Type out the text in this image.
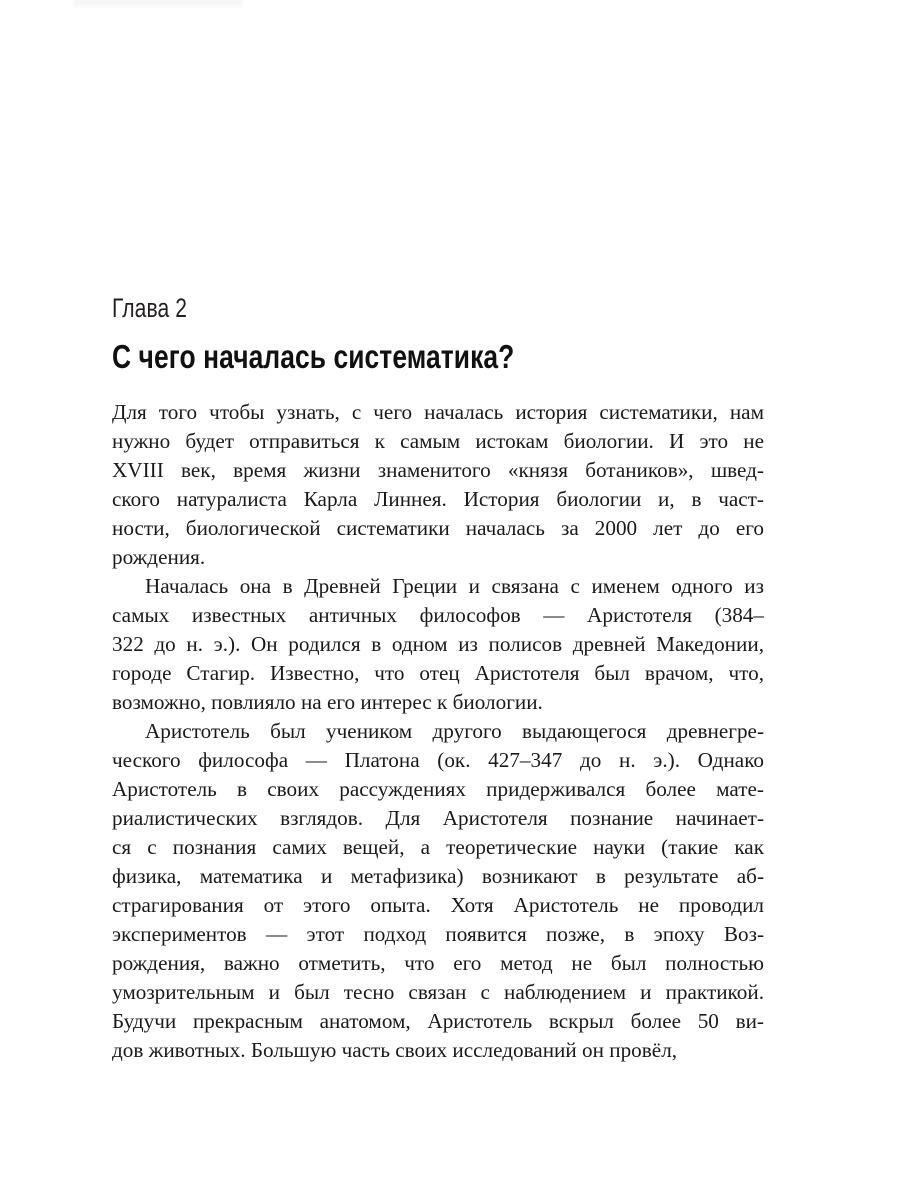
Глава 2
С чего началась систематика?

Для того чтобы узнать, с чего началась история систематики, нам
нужно будет отправиться к самым истокам биологии. И это не
XVIII век, время жизни знаменитого «князя ботаников», швед-
ского натуралиста Карла Линнея. История биологии и, в част-
ности, биологической систематики началась за 2000 лет до его
рождения.

Началась она в Древней Греции и связана с именем одного из
самых известных античных философов — Аристотеля (384–
322 до н. э.). Он родился в одном из полисов древней Македонии,
городе Стагир. Известно, что отец Аристотеля был врачом, что,
возможно, повлияло на его интерес к биологии.

Аристотель был учеником другого выдающегося древнегре-
ческого философа — Платона (ок. 427–347 до н. э.). Однако
Аристотель в своих рассуждениях придерживался более мате-
риалистических взглядов. Для Аристотеля познание начинает-
ся с познания самих вещей, а теоретические науки (такие как
физика, математика и метафизика) возникают в результате аб-
страгирования от этого опыта. Хотя Аристотель не проводил
экспериментов — этот подход появится позже, в эпоху Воз-
рождения, важно отметить, что его метод не был полностью
умозрительным и был тесно связан с наблюдением и практикой.
Будучи прекрасным анатомом, Аристотель вскрыл более 50 ви-
дов животных. Большую часть своих исследований он провёл,
